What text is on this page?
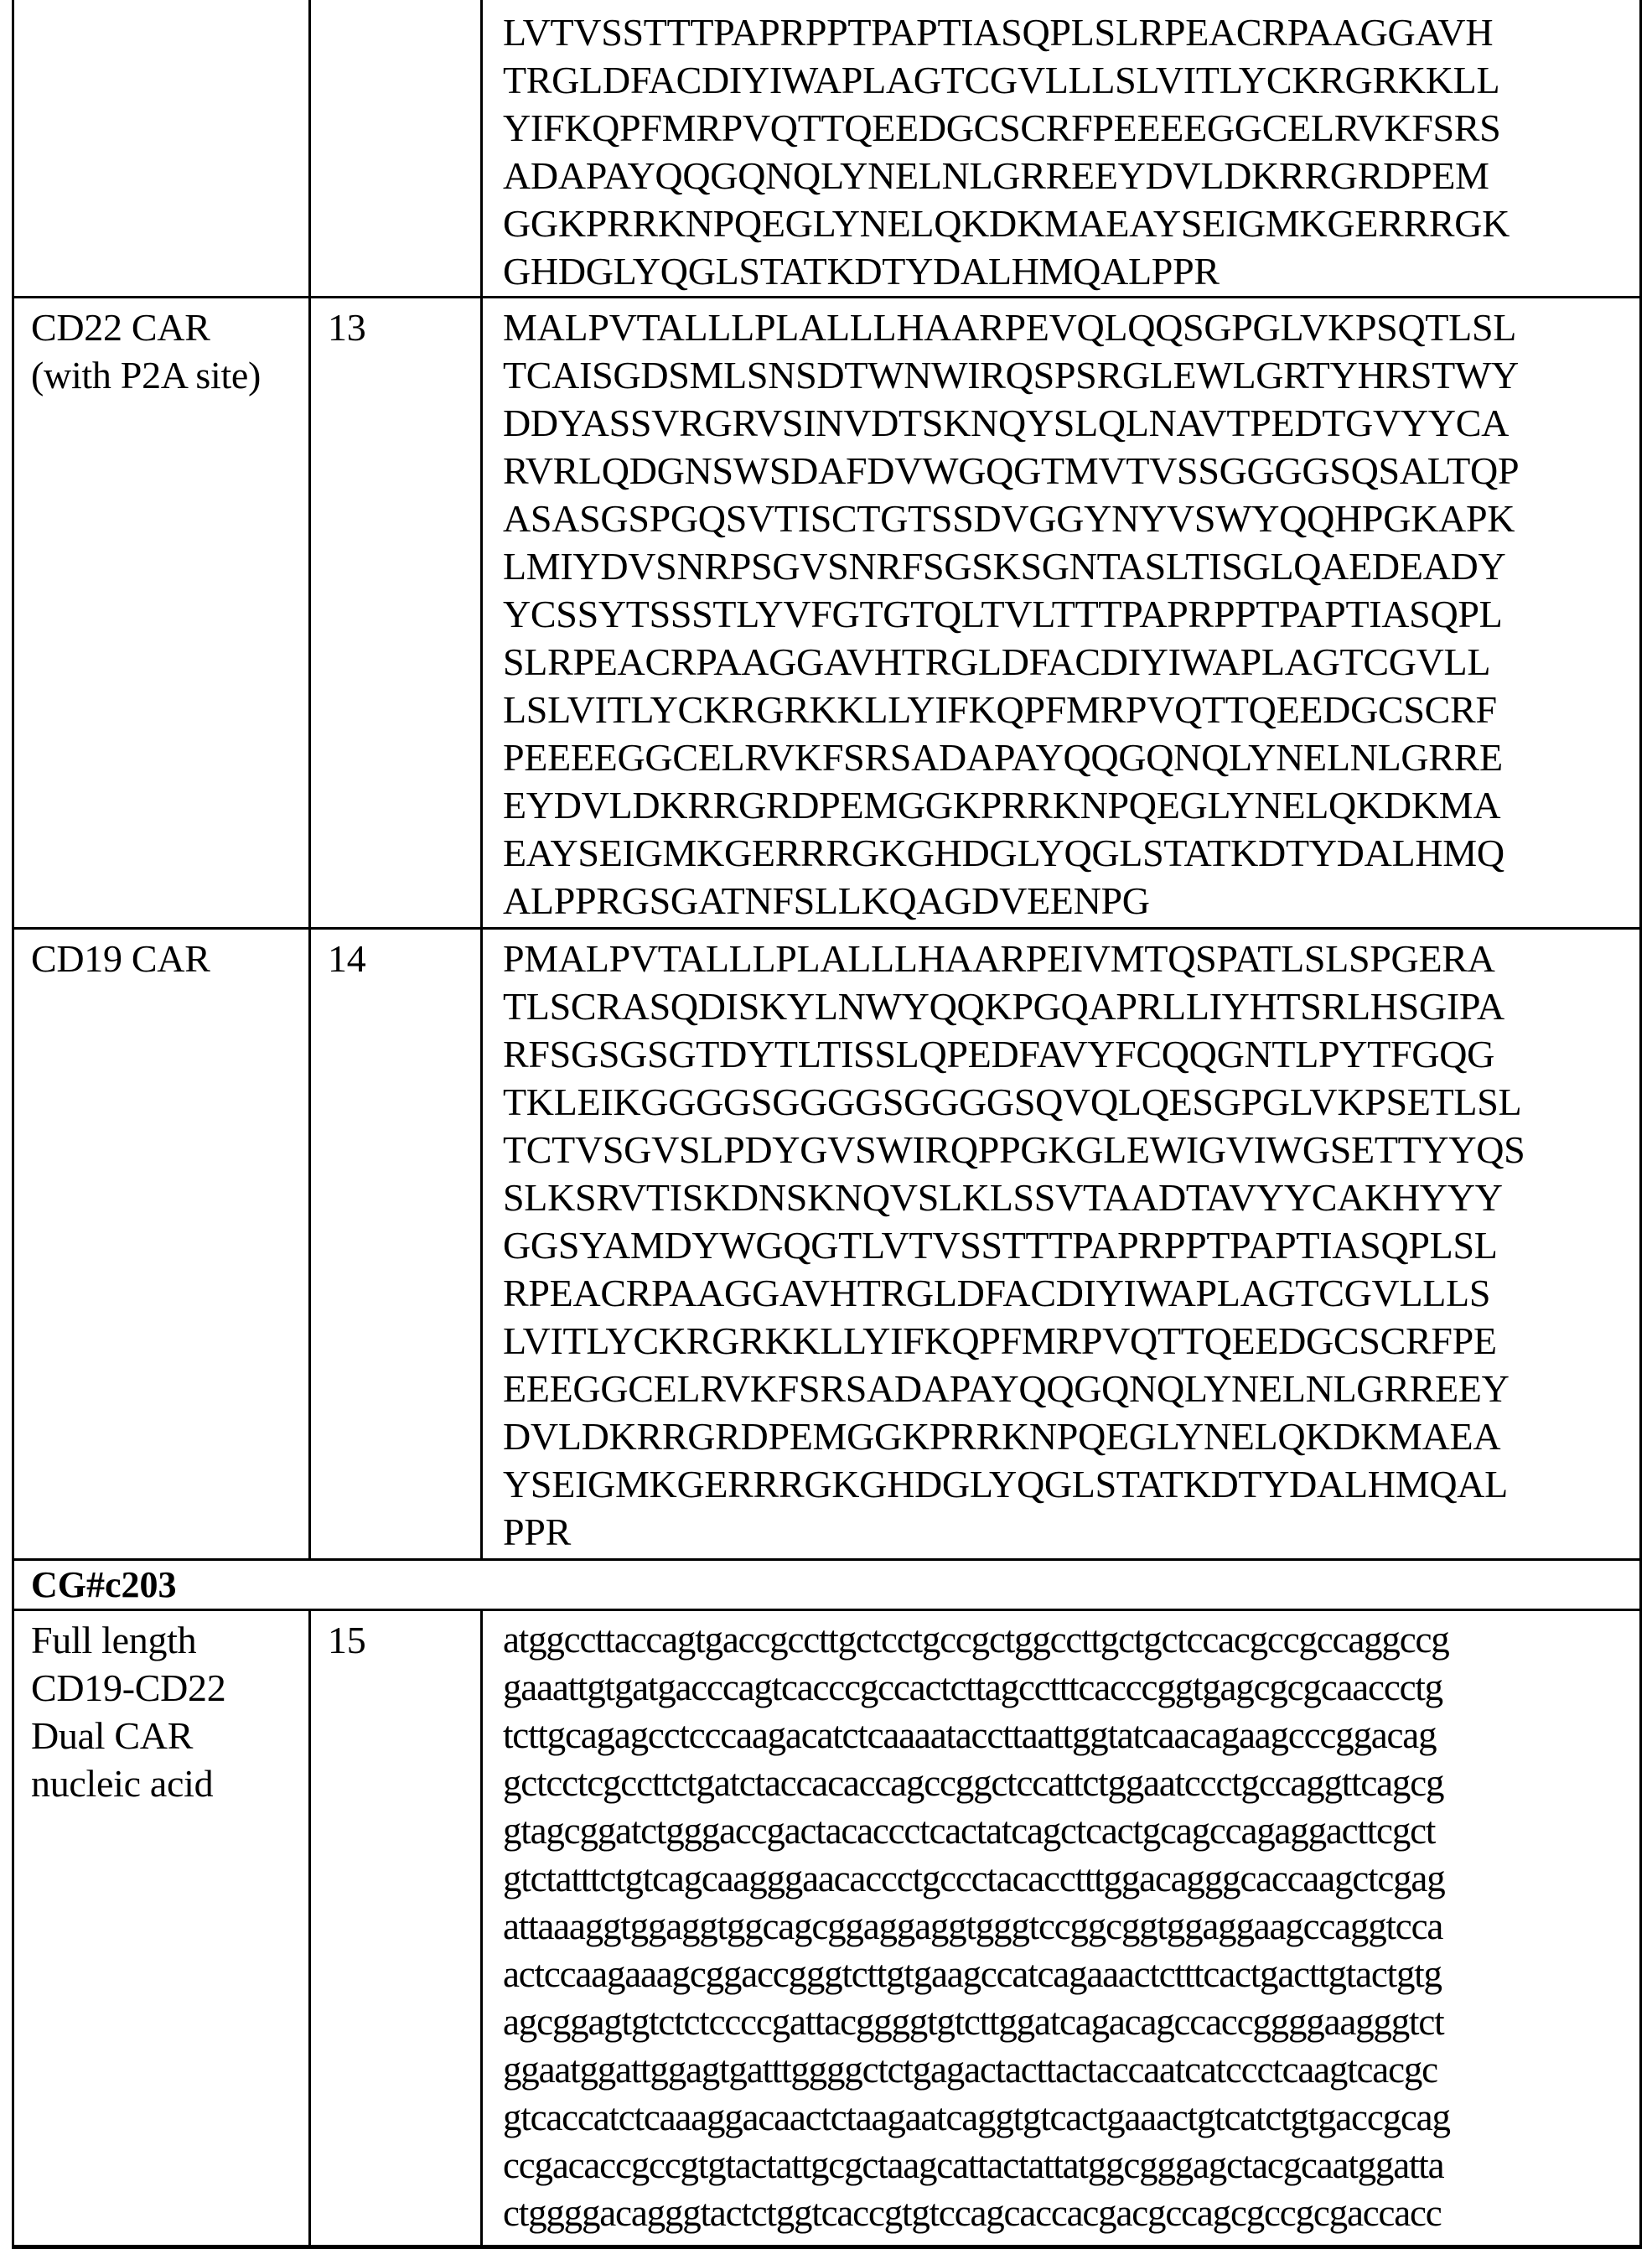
LVTVSSTTTPAPRPPTPAPTIASQPLSLRPEACRPAAGGAVH
TRGLDFACDIYIWAPLAGTCGVLLLSLVITLYCKRGRKKLL
YIFKQPFMRPVQTTQEEDGCSCRFPEEEEGGCELRVKFSRS
ADAPAYQQGQNQLYNELNLGRREEYDVLDKRRGRDPEM
GGKPRRKNPQEGLYNELQKDKMAEAYSEIGMKGERRRGK
GHDGLYQGLSTATKDTYDALHMQALPPR

CD22 CAR
(with P2A site)

13	MALPVTALLLPLALLLHAARPEVQLQQSGPGLVKPSQTLSL
TCAISGDSMLSNSDTWNWIRQSPSRGLEWLGRTYHRSTWY
DDYASSVRGRVSINVDTSKNQYSLQLNAVTPEDTGVYYCA
RVRLQDGNSWSDAFDVWGQGTMVTVSSGGGGSQSALTQP
ASASGSPGQSVTISCTGTSSDVGGYNYVSWYQQHPGKAPK
LMIYDVSNRPSGVSNRFSGSKSGNTASLTISGLQAEDEADY
YCSSYTSSSTLYVFGTGTQLTVLTTTPAPRPPTPAPTIASQPL
SLRPEACRPAAGGAVHTRGLDFACDIYIWAPLAGTCGVLL
LSLVITLYCKRGRKKLLYIFKQPFMRPVQTTQEEDGCSCRF
PEEEEGGCELRVKFSRSADAPAYQQGQNQLYNELNLGRRE
EYDVLDKRRGRDPEMGGKPRRKNPQEGLYNELQKDKMA
EAYSEIGMKGERRRGKGHDGLYQGLSTATKDTYDALHMQ
ALPPRGSGATNFSLLKQAGDVEENPG

CD19 CAR	14	PMALPVTALLLPLALLLHAARPEIVMTQSPATLSLSPGERA
TLSCRASQDISKYLNWYQQKPGQAPRLLIYHTSRLHSGIPA
RFSGSGSGTDYTLTISSLQPEDFAVYFCQQGNTLPYTFGQG
TKLEIKGGGGSGGGGSGGGGSQVQLQESGPGLVKPSETLSL
TCTVSGVSLPDYGVSWIRQPPGKGLEWIGVIWGSETTYYQS
SLKSRVTISKDNSKNQVSLKLSSVTAADTAVYYCAKHYYY
GGSYAMDYWGQGTLVTVSSTTTPAPRPPTPAPTIASQPLSL
RPEACRPAAGGAVHTRGLDFACDIYIWAPLAGTCGVLLLS
LVITLYCKRGRKKLLYIFKQPFMRPVQTTQEEDGCSCRFPE
EEEGGCELRVKFSRSADAPAYQQGQNQLYNELNLGRREEY
DVLDKRRGRDPEMGGKPRRKNPQEGLYNELQKDKMAEA
YSEIGMKGERRRGKGHDGLYQGLSTATKDTYDALHMQAL
PPR

CG#c203

Full length
CD19-CD22
Dual CAR
nucleic acid

15	atggccttaccagtgaccgccttgctcctgccgctggccttgctgctccacgccgccaggccg
gaaattgtgatgacccagtcacccgccactcttagcctttcacccggtgagcgcgcaaccctg
tcttgcagagcctcccaagacatctcaaaataccttaattggtatcaacagaagcccggacag
gctcctcgccttctgatctaccacaccagccggctccattctggaatccctgccaggttcagcg
gtagcggatctgggaccgactacaccctcactatcagctcactgcagccagaggacttcgct
gtctatttctgtcagcaagggaacaccctgccctacacctttggacagggcaccaagctcgag
attaaaggtggaggtggcagcggaggaggtgggtccggcggtggaggaagccaggtcca
actccaagaaagcggaccgggtcttgtgaagccatcagaaactctttcactgacttgtactgtg
agcggagtgtctctccccgattacggggtgtcttggatcagacagccaccggggaagggtct
ggaatggattggagtgatttggggctctgagactacttactaccaatcatccctcaagtcacgc
gtcaccatctcaaaggacaactctaagaatcaggtgtcactgaaactgtcatctgtgaccgcag
ccgacaccgccgtgtactattgcgctaagcattactattatggcgggagctacgcaatggatta
ctggggacagggtactctggtcaccgtgtccagcaccacgacgccagcgccgcgaccacc
